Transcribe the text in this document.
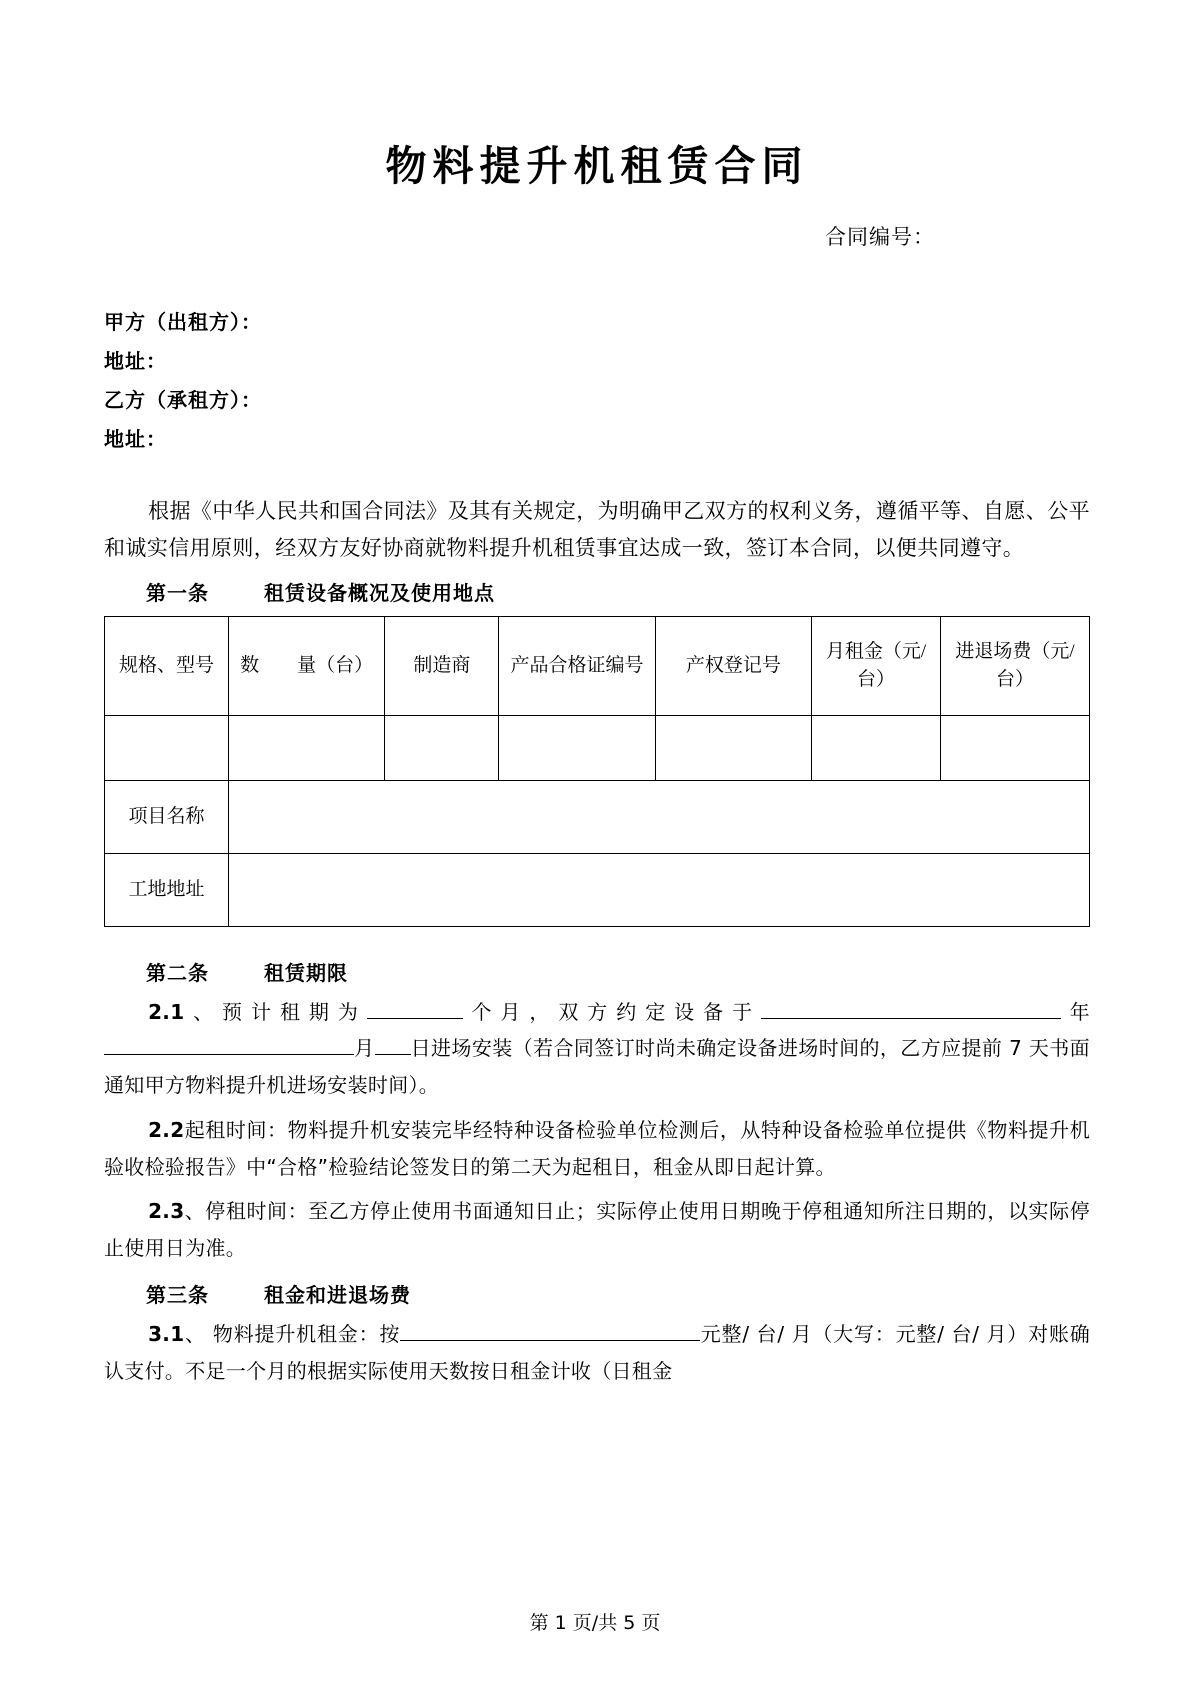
物料提升机租赁合同
合同编号：
甲方（出租方）：
地址：
乙方（承租方）：
地址：
根据《中华人民共和国合同法》及其有关规定，为明确甲乙双方的权利义务，遵循平等、自愿、公平和诚实信用原则，经双方友好协商就物料提升机租赁事宜达成一致，签订本合同，以便共同遵守。
第一条	租赁设备概况及使用地点
规格、型号	数　　量（台）	制造商	产品合格证编号	产权登记号	月租金（元/台）	进退场费（元/台）

项目名称						
工地地址						
第二条	租赁期限
2.1、预计租期为	个月，双方约定设备于	年月 日进场安装（若合同签订时尚未确定设备进场时间的，乙方应提前 7 天书面通知甲方物料提升机进场安装时间）。
2.2起租时间：物料提升机安装完毕经特种设备检验单位检测后，从特种设备检验单位提供《物料提升机验收检验报告》中“合格”检验结论签发日的第二天为起租日，租金从即日起计算。
2.3、停租时间：至乙方停止使用书面通知日止；实际停止使用日期晚于停租通知所注日期的，以实际停止使用日为准。
第三条	租金和进退场费
3.1、 物料提升机租金：按	元整/ 台/ 月（大写：元整/ 台/ 月）对账确认支付。不足一个月的根据实际使用天数按日租金计收（日租金
第 1 页/共 5 页
